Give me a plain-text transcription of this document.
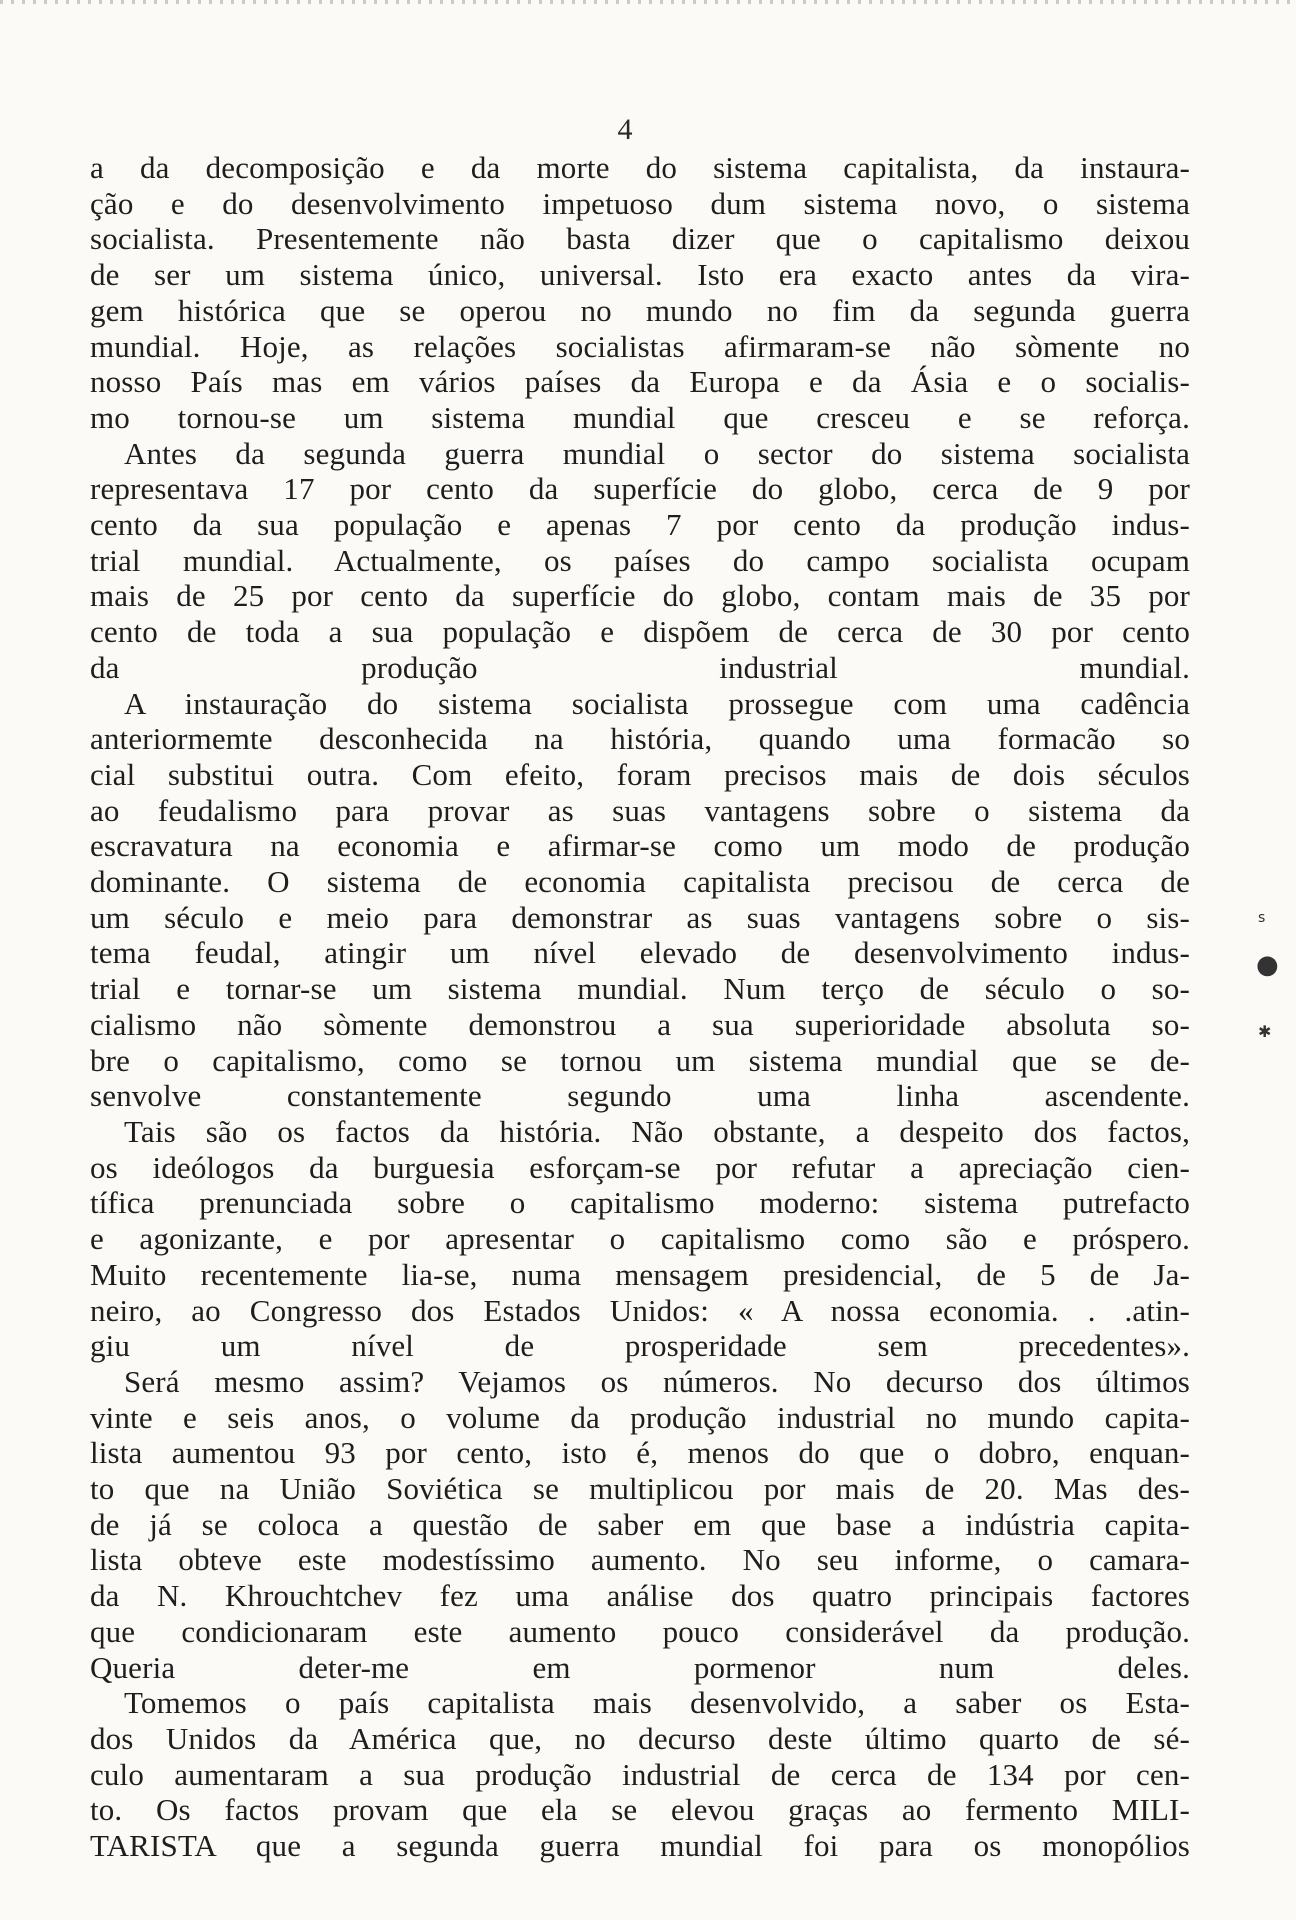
4

a da decomposição e da morte do sistema capitalista, da instaura-
ção e do desenvolvimento impetuoso dum sistema novo, o sistema
socialista. Presentemente não basta dizer que o capitalismo deixou
de ser um sistema único, universal. Isto era exacto antes da vira-
gem histórica que se operou no mundo no fim da segunda guerra
mundial. Hoje, as relações socialistas afirmaram-se não sòmente no
nosso País mas em vários países da Europa e da Ásia e o socialis-
mo tornou-se um sistema mundial que cresceu e se reforça.

Antes da segunda guerra mundial o sector do sistema socialista
representava 17 por cento da superfície do globo, cerca de 9 por
cento da sua população e apenas 7 por cento da produção indus-
trial mundial. Actualmente, os países do campo socialista ocupam
mais de 25 por cento da superfície do globo, contam mais de 35 por
cento de toda a sua população e dispõem de cerca de 30 por cento
da produção industrial mundial.

A instauração do sistema socialista prossegue com uma cadência
anteriormemte desconhecida na história, quando uma formacão so
cial substitui outra. Com efeito, foram precisos mais de dois séculos
ao feudalismo para provar as suas vantagens sobre o sistema da
escravatura na economia e afirmar-se como um modo de produção
dominante. O sistema de economia capitalista precisou de cerca de
um século e meio para demonstrar as suas vantagens sobre o sis-
tema feudal, atingir um nível elevado de desenvolvimento indus-
trial e tornar-se um sistema mundial. Num terço de século o so-
cialismo não sòmente demonstrou a sua superioridade absoluta so-
bre o capitalismo, como se tornou um sistema mundial que se de-
senvolve constantemente segundo uma linha ascendente.

Tais são os factos da história. Não obstante, a despeito dos factos,
os ideólogos da burguesia esforçam-se por refutar a apreciação cien-
tífica prenunciada sobre o capitalismo moderno: sistema putrefacto
e agonizante, e por apresentar o capitalismo como são e próspero.
Muito recentemente lia-se, numa mensagem presidencial, de 5 de Ja-
neiro, ao Congresso dos Estados Unidos: « A nossa economia. . .atin-
giu um nível de prosperidade sem precedentes».

Será mesmo assim? Vejamos os números. No decurso dos últimos
vinte e seis anos, o volume da produção industrial no mundo capita-
lista aumentou 93 por cento, isto é, menos do que o dobro, enquan-
to que na União Soviética se multiplicou por mais de 20. Mas des-
de já se coloca a questão de saber em que base a indústria capita-
lista obteve este modestíssimo aumento. No seu informe, o camara-
da N. Khrouchtchev fez uma análise dos quatro principais factores
que condicionaram este aumento pouco considerável da produção.
Queria deter-me em pormenor num deles.

Tomemos o país capitalista mais desenvolvido, a saber os Esta-
dos Unidos da América que, no decurso deste último quarto de sé-
culo aumentaram a sua produção industrial de cerca de 134 por cen-
to. Os factos provam que ela se elevou graças ao fermento MILI-
TARISTA que a segunda guerra mundial foi para os monopólios

s
●
✱
